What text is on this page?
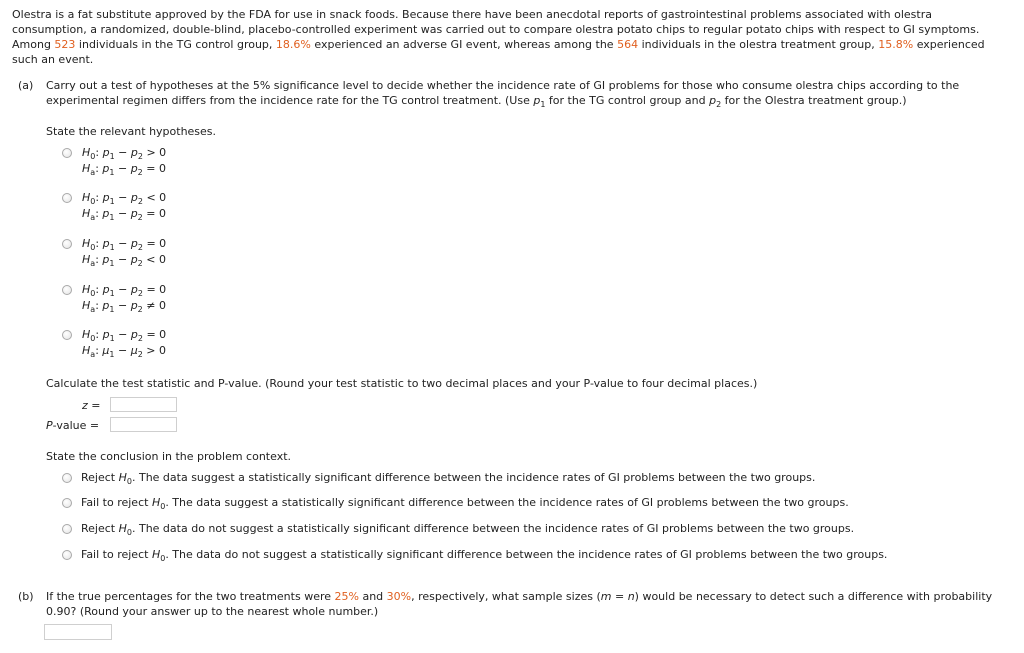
Olestra is a fat substitute approved by the FDA for use in snack foods. Because there have been anecdotal reports of gastrointestinal problems associated with olestra
consumption, a randomized, double-blind, placebo-controlled experiment was carried out to compare olestra potato chips to regular potato chips with respect to GI symptoms.
Among 523 individuals in the TG control group, 18.6% experienced an adverse GI event, whereas among the 564 individuals in the olestra treatment group, 15.8% experienced
such an event.
(a) Carry out a test of hypotheses at the 5% significance level to decide whether the incidence rate of GI problems for those who consume olestra chips according to the
experimental regimen differs from the incidence rate for the TG control treatment. (Use $p_1$ for the TG control group and $p_2$ for the Olestra treatment group.)
State the relevant hypotheses.
$H_0$: $p_1 - p_2 > 0$
$H_a$: $p_1 - p_2 = 0$
$H_0$: $p_1 - p_2 < 0$
$H_a$: $p_1 - p_2 = 0$
$H_0$: $p_1 - p_2 = 0$
$H_a$: $p_1 - p_2 < 0$
$H_0$: $p_1 - p_2 = 0$
$H_a$: $p_1 - p_2 \ne 0$
$H_0$: $p_1 - p_2 = 0$
$H_a$: $\mu_1 - \mu_2 > 0$
Calculate the test statistic and P-value. (Round your test statistic to two decimal places and your P-value to four decimal places.)
z =
P-value =
State the conclusion in the problem context.
Reject $H_0$. The data suggest a statistically significant difference between the incidence rates of GI problems between the two groups.
Fail to reject $H_0$. The data suggest a statistically significant difference between the incidence rates of GI problems between the two groups.
Reject $H_0$. The data do not suggest a statistically significant difference between the incidence rates of GI problems between the two groups.
Fail to reject $H_0$. The data do not suggest a statistically significant difference between the incidence rates of GI problems between the two groups.
(b) If the true percentages for the two treatments were 25% and 30%, respectively, what sample sizes (m = n) would be necessary to detect such a difference with probability
0.90? (Round your answer up to the nearest whole number.)
